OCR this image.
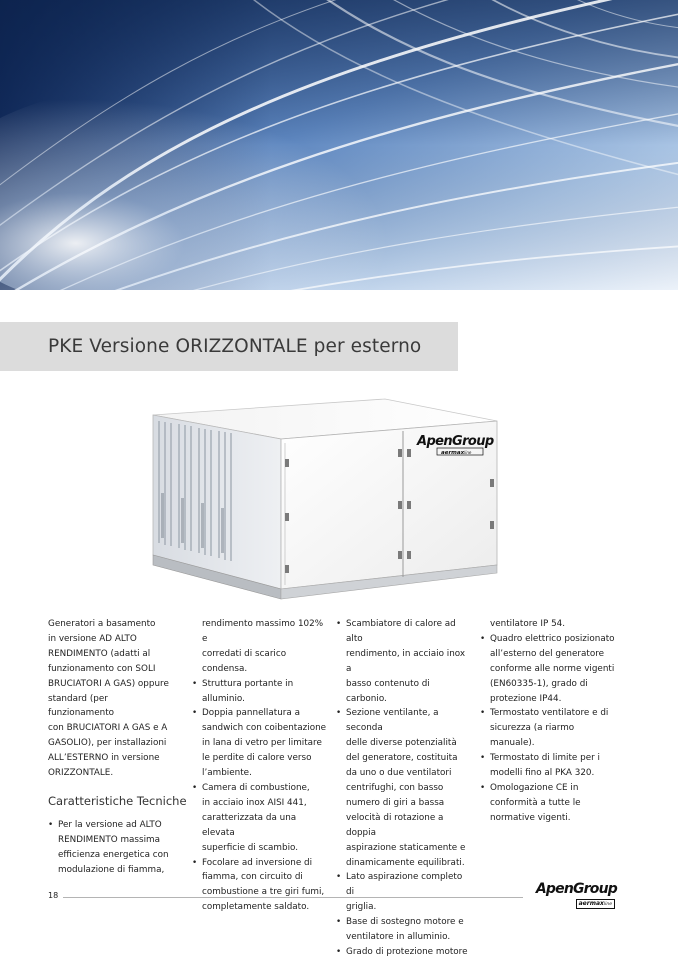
PKE Versione ORIZZONTALE per esterno
ApenGroup
aermaxline

Generatori a basamento
in versione AD ALTO
RENDIMENTO (adatti al
funzionamento con SOLI
BRUCIATORI A GAS) oppure
standard (per funzionamento
con BRUCIATORI A GAS e A
GASOLIO), per installazioni
ALL’ESTERNO in versione
ORIZZONTALE.

Caratteristiche Tecniche
• Per la versione ad ALTO
RENDIMENTO massima
efficienza energetica con
modulazione di fiamma,
rendimento massimo 102% e
corredati di scarico condensa.
• Struttura portante in
alluminio.
• Doppia pannellatura a
sandwich con coibentazione
in lana di vetro per limitare
le perdite di calore verso
l’ambiente.
• Camera di combustione,
in acciaio inox AISI 441,
caratterizzata da una elevata
superficie di scambio.
• Focolare ad inversione di
fiamma, con circuito di
combustione a tre giri fumi,
completamente saldato.
• Scambiatore di calore ad alto
rendimento, in acciaio inox a
basso contenuto di carbonio.
• Sezione ventilante, a seconda
delle diverse potenzialità
del generatore, costituita
da uno o due ventilatori
centrifughi, con basso
numero di giri a bassa
velocità di rotazione a doppia
aspirazione staticamente e
dinamicamente equilibrati.
• Lato aspirazione completo di
griglia.
• Base di sostegno motore e
ventilatore in alluminio.
• Grado di protezione motore
ventilatore IP 54.
• Quadro elettrico posizionato
all’esterno del generatore
conforme alle norme vigenti
(EN60335-1), grado di
protezione IP44.
• Termostato ventilatore e di
sicurezza (a riarmo manuale).
• Termostato di limite per i
modelli fino al PKA 320.
• Omologazione CE in
conformità a tutte le
normative vigenti.
18	ApenGroup
aermaxline
